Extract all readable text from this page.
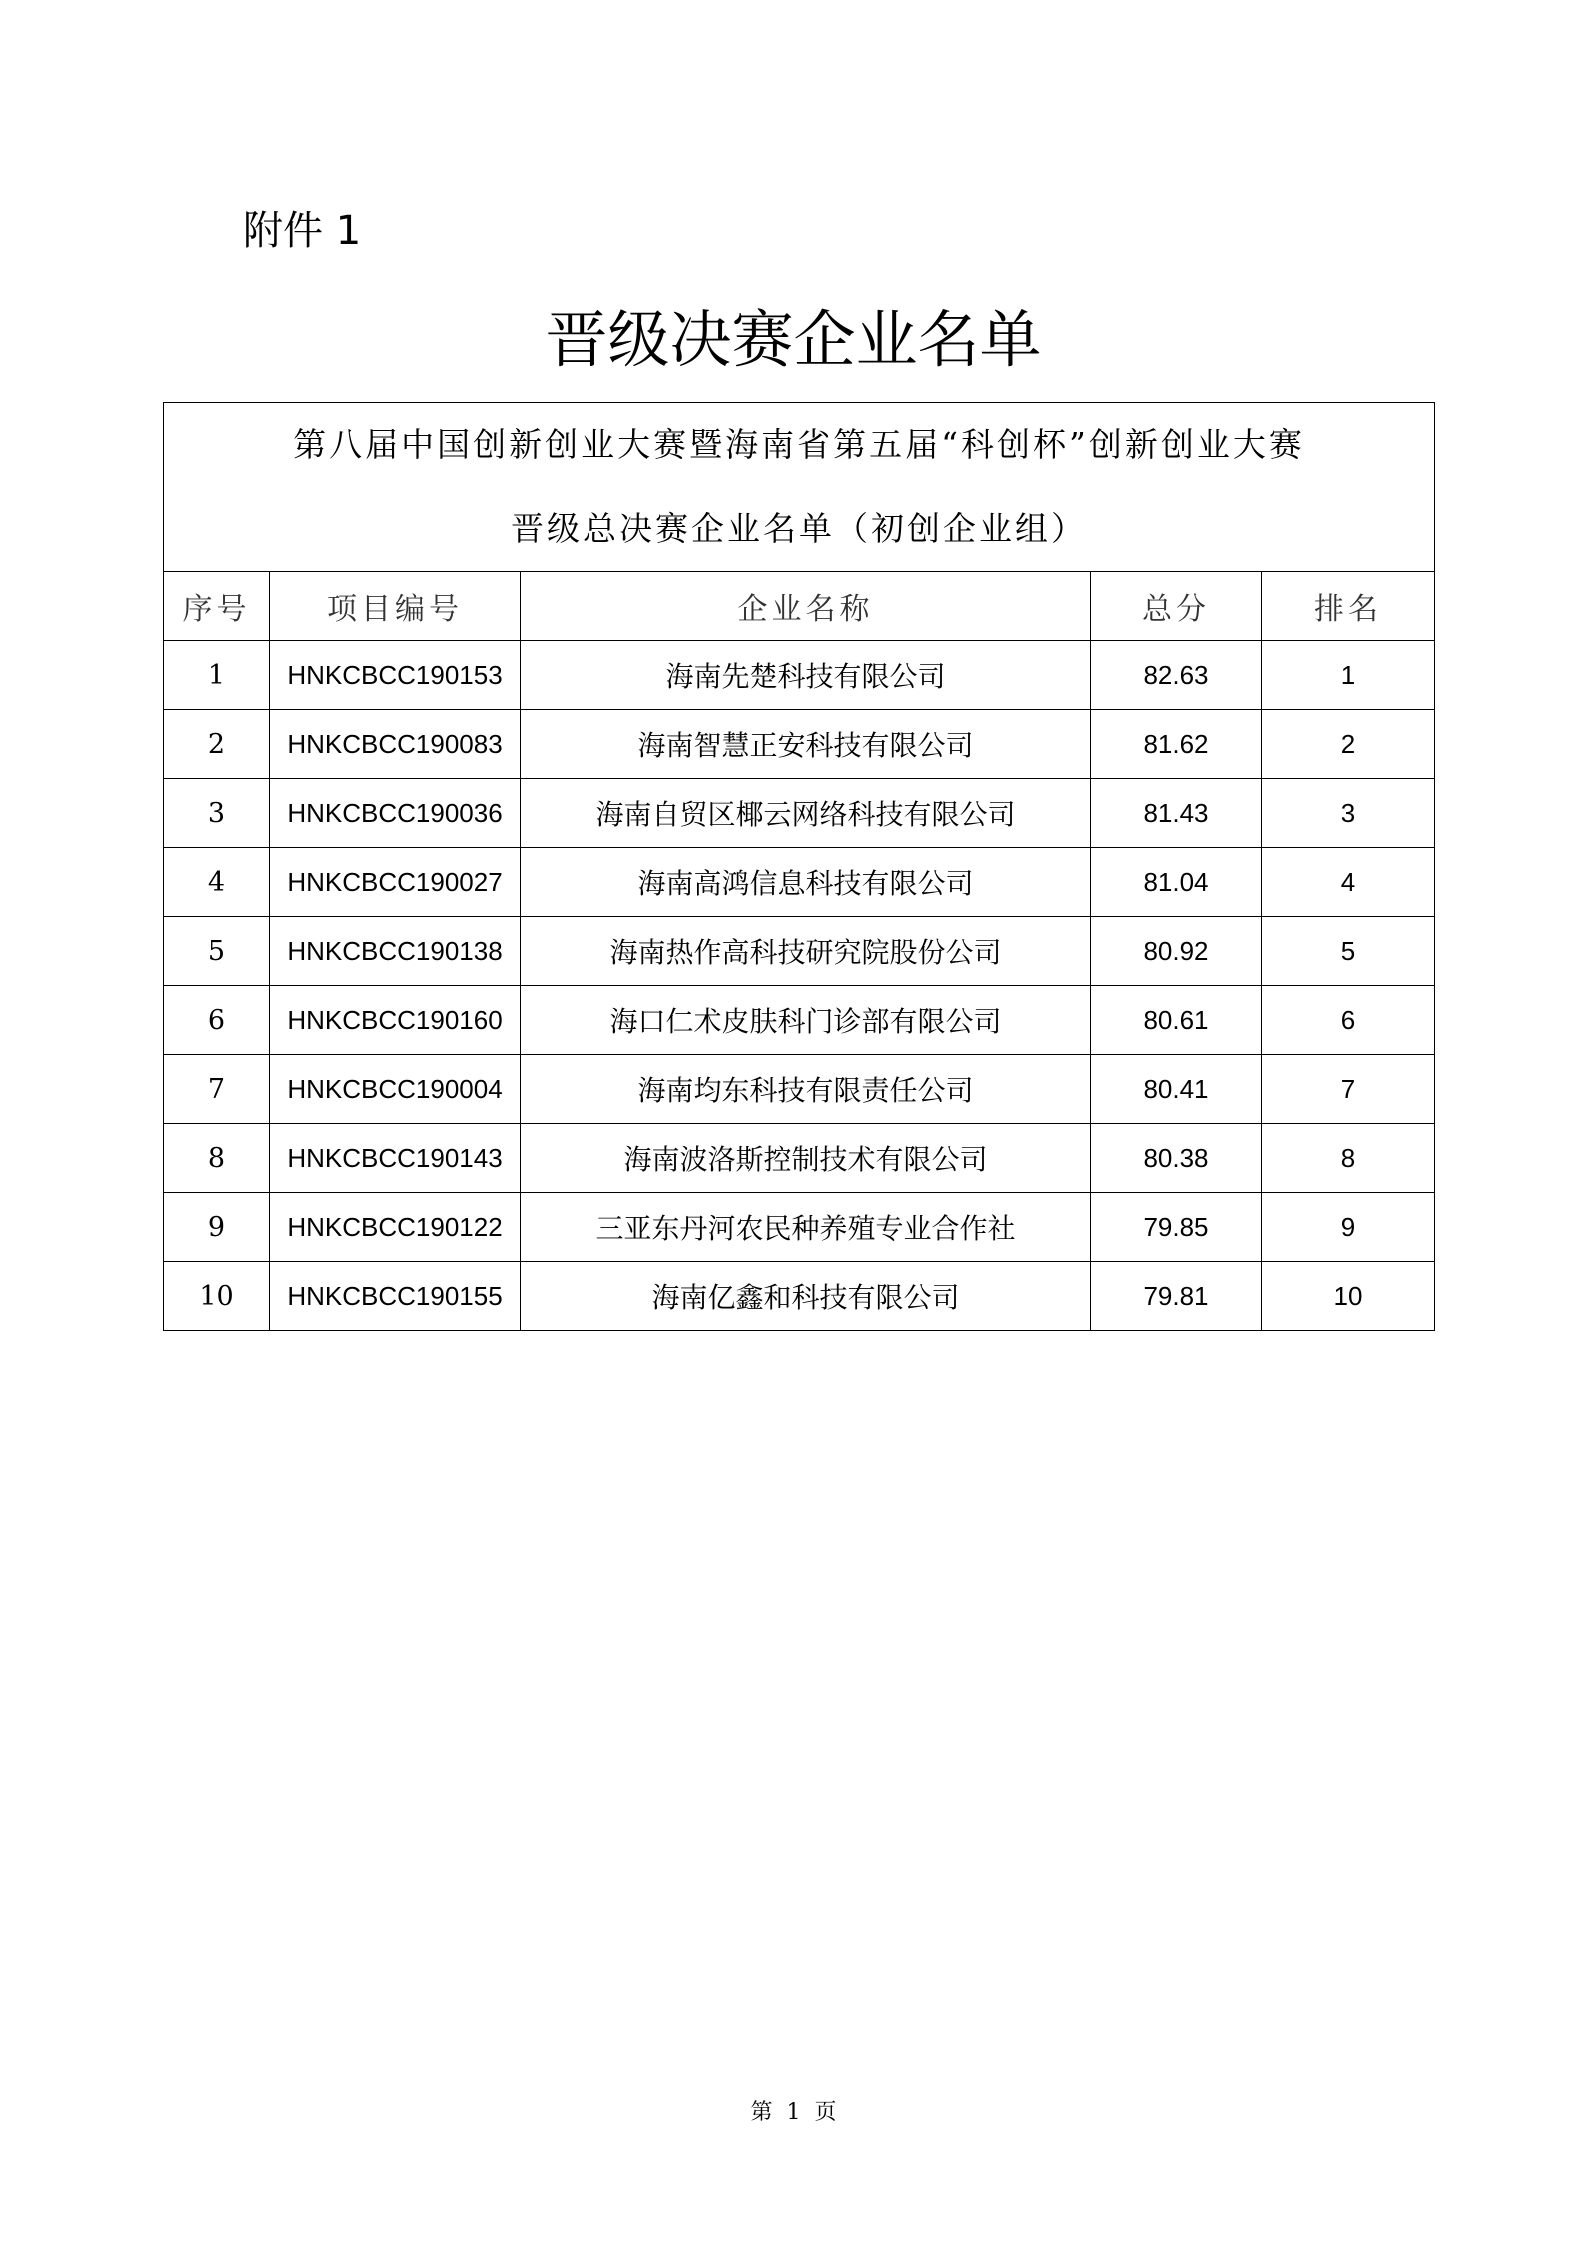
附件 1
晋级决赛企业名单
第八届中国创新创业大赛暨海南省第五届“科创杯”创新创业大赛
晋级总决赛企业名单（初创企业组）				

序号	项目编号	企业名称	总分	排名
1	HNKCBCC190153	海南先楚科技有限公司	82.63	1
2	HNKCBCC190083	海南智慧正安科技有限公司	81.62	2
3	HNKCBCC190036	海南自贸区椰云网络科技有限公司	81.43	3
4	HNKCBCC190027	海南高鸿信息科技有限公司	81.04	4
5	HNKCBCC190138	海南热作高科技研究院股份公司	80.92	5
6	HNKCBCC190160	海口仁术皮肤科门诊部有限公司	80.61	6
7	HNKCBCC190004	海南均东科技有限责任公司	80.41	7
8	HNKCBCC190143	海南波洛斯控制技术有限公司	80.38	8
9	HNKCBCC190122	三亚东丹河农民种养殖专业合作社	79.85	9
10	HNKCBCC190155	海南亿鑫和科技有限公司	79.81	10
第  1  页
